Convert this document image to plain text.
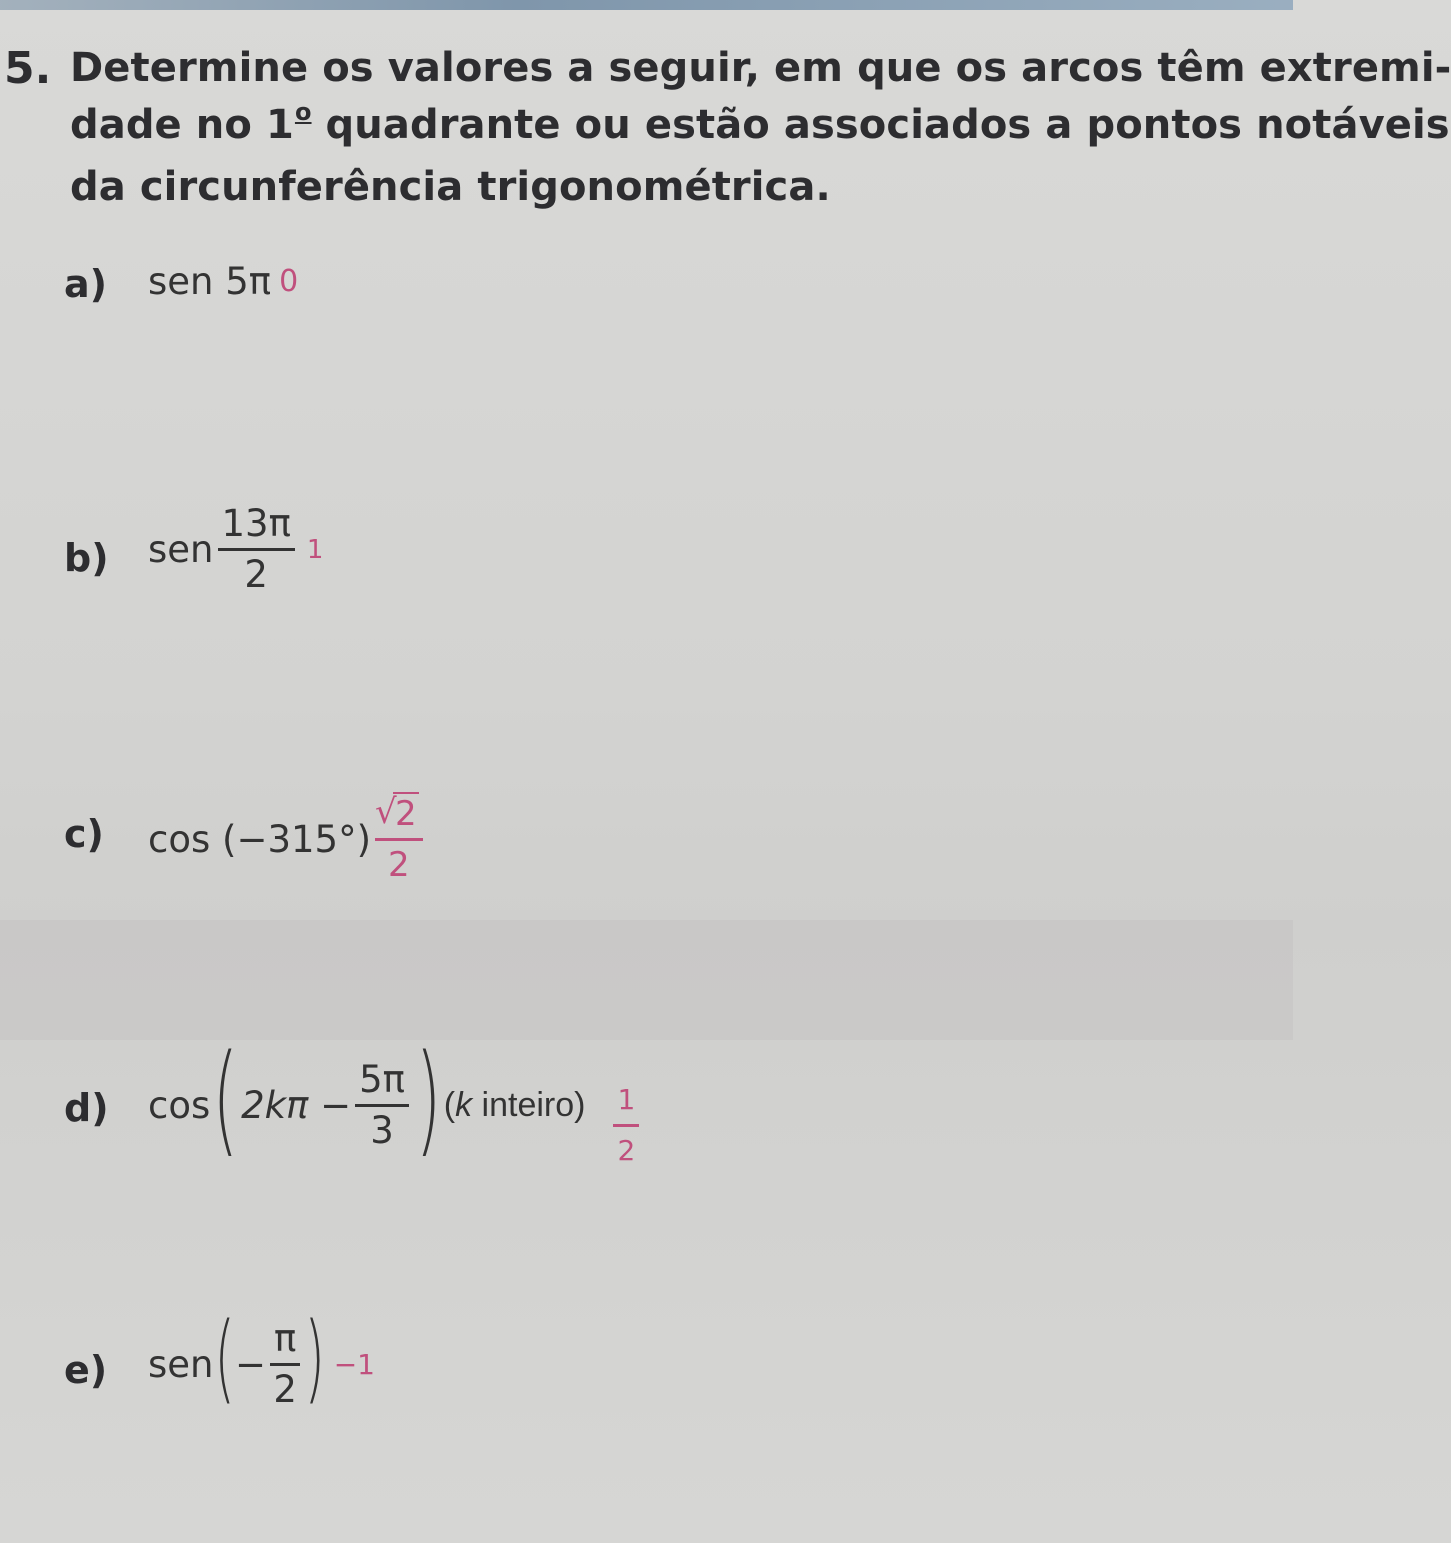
5. Determine os valores a seguir, em que os arcos têm extremi-
dade no 1$^o$ quadrante ou estão associados a pontos notáveis
da circunferência trigonométrica.
a) sen
5π 0
b) sen $\frac{13\pi}{2} 1$
c) cos
(−315°)
√ $\frac{2}{2}$
d) cos ( $2k\pi - \frac{5\pi}{3}$ ) (k inteiro) $\frac{1}{2}$
e) sen ( − $\frac{\pi}{2}$ ) −1
